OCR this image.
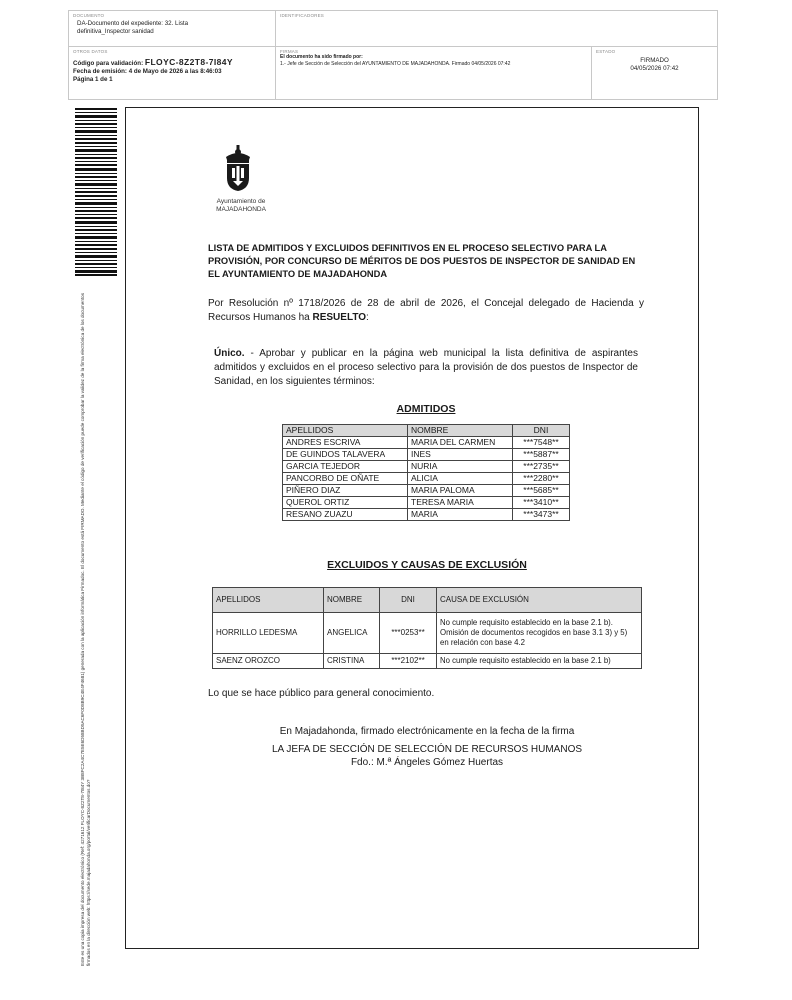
DOCUMENTO
DA-Documento del expediente: 32. Lista definitiva_Inspector sanidad
IDENTIFICADORES
OTROS DATOS
Código para validación: FLOYC-8Z2T8-7I84Y
Fecha de emisión: 4 de Mayo de 2026 a las 8:46:03
Página 1 de 1
FIRMAS
El documento ha sido firmado por:
1.- Jefe de Sección de Selección del AYUNTAMIENTO DE MAJADAHONDA. Firmado 04/05/2026 07:42
ESTADO
FIRMADO
04/05/2026 07:42
Este es una copia impresa del documento electrónico (Ref: 4271612 FLOYC-8Z2T8-7I84Y 3B8FC2A4C7E5E6D58BD5AC6F0D8B9C4E4F4681) generada con la aplicación informática Firmadoc. El documento está FIRMADO. Mediante el código de verificación puede comprobar la validez de la firma electrónica de los documentos firmados en la dirección web: https://sede.majadahonda.org/portal/verificarDocumentos.do?
Ayuntamiento de
MAJADAHONDA
LISTA DE ADMITIDOS Y EXCLUIDOS DEFINITIVOS EN EL PROCESO SELECTIVO PARA LA PROVISIÓN, POR CONCURSO DE MÉRITOS DE DOS PUESTOS DE INSPECTOR DE SANIDAD EN EL AYUNTAMIENTO DE MAJADAHONDA
Por Resolución nº 1718/2026 de 28 de abril de 2026, el Concejal delegado de Hacienda y Recursos Humanos ha RESUELTO:
Único. - Aprobar y publicar en la página web municipal la lista definitiva de aspirantes admitidos y excluidos en el proceso selectivo para la provisión de dos puestos de Inspector de Sanidad, en los siguientes términos:
ADMITIDOS
APELLIDOS	NOMBRE	DNI
ANDRES ESCRIVA	MARIA DEL CARMEN	***7548**
DE GUINDOS TALAVERA	INES	***5887**
GARCIA TEJEDOR	NURIA	***2735**
PANCORBO DE OÑATE	ALICIA	***2280**
PIÑERO DIAZ	MARIA PALOMA	***5685**
QUEROL ORTIZ	TERESA MARIA	***3410**
RESANO ZUAZU	MARIA	***3473**
EXCLUIDOS Y CAUSAS DE EXCLUSIÓN
APELLIDOS	NOMBRE	DNI	CAUSA DE EXCLUSIÓN
HORRILLO LEDESMA	ANGELICA	***0253**	No cumple requisito establecido en la base 2.1 b). Omisión de documentos recogidos en base 3.1 3) y 5) en relación con base 4.2
SAENZ OROZCO	CRISTINA	***2102**	No cumple requisito establecido en la base 2.1 b)
Lo que se hace público para general conocimiento.
En Majadahonda, firmado electrónicamente en la fecha de la firma
LA JEFA DE SECCIÓN DE SELECCIÓN DE RECURSOS HUMANOS
Fdo.: M.ª Ángeles Gómez Huertas
